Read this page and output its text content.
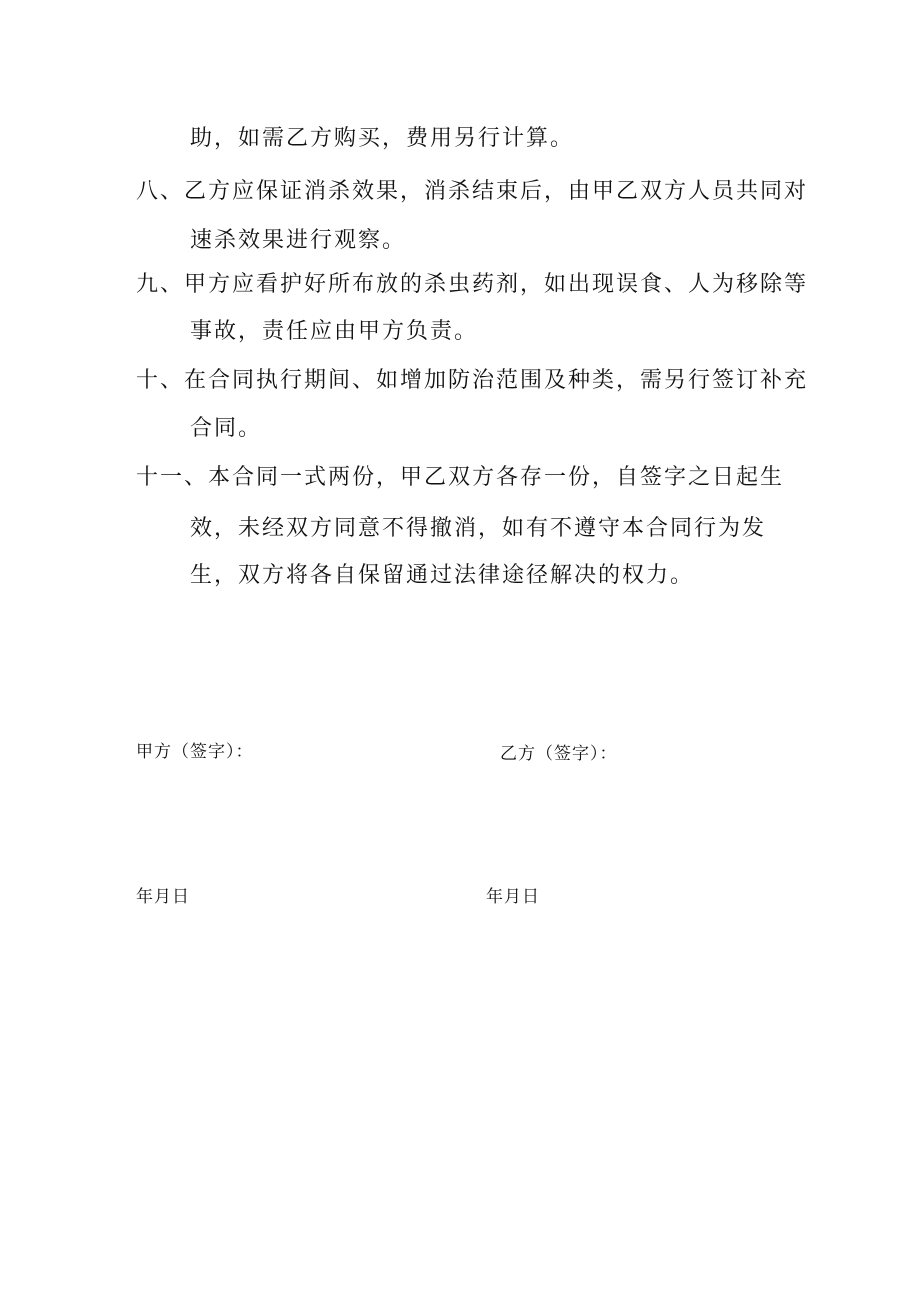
助，如需乙方购买，费用另行计算。
八、乙方应保证消杀效果，消杀结束后，由甲乙双方人员共同对
速杀效果进行观察。
九、甲方应看护好所布放的杀虫药剂，如出现误食、人为移除等
事故，责任应由甲方负责。
十、在合同执行期间、如增加防治范围及种类，需另行签订补充
合同。
十一、本合同一式两份，甲乙双方各存一份，自签字之日起生
效，未经双方同意不得撤消，如有不遵守本合同行为发
生，双方将各自保留通过法律途径解决的权力。
甲方（签字）：	乙方（签字）：
年月日	年月日
